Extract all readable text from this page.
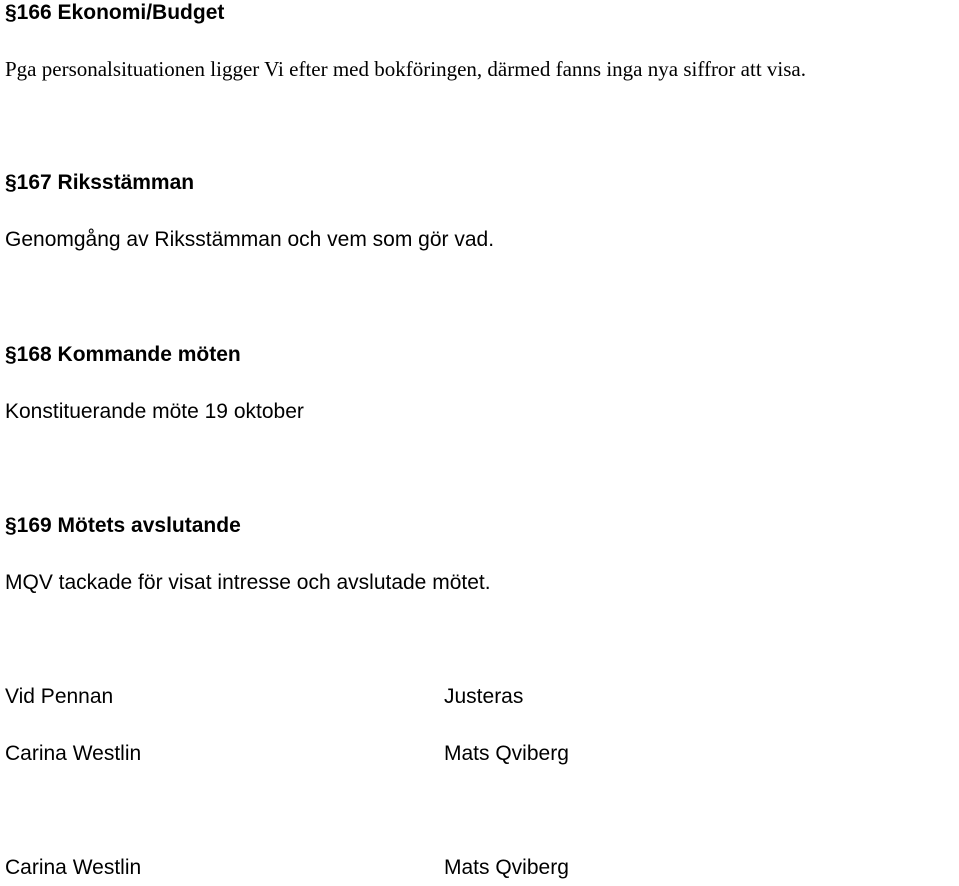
§166 Ekonomi/Budget
Pga personalsituationen ligger Vi efter med bokföringen, därmed fanns inga nya siffror att visa.
§167 Riksstämman
Genomgång av Riksstämman och vem som gör vad.
§168 Kommande möten
Konstituerande möte 19 oktober
§169 Mötets avslutande
MQV tackade för visat intresse och avslutade mötet.
Vid Pennan	Justeras
Carina Westlin	Mats Qviberg
Carina Westlin	Mats Qviberg
